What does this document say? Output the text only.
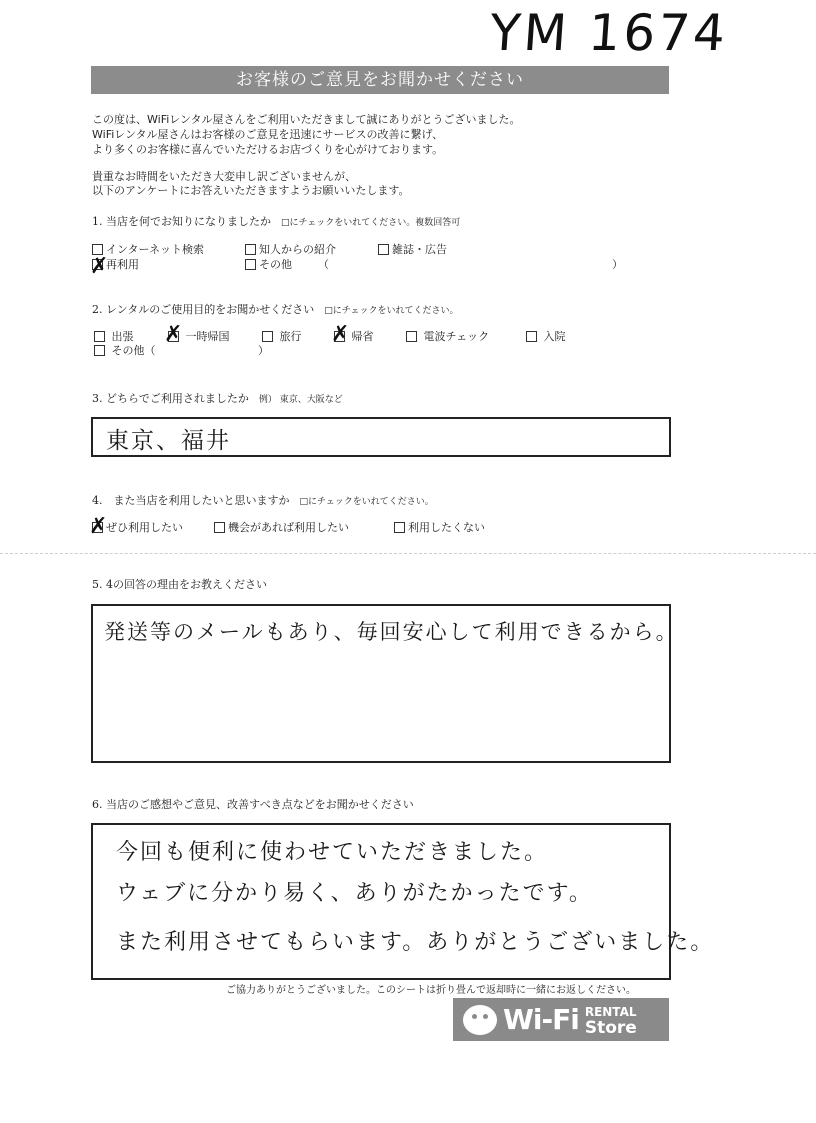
YM 1674
お客様のご意見をお聞かせください
この度は、WiFiレンタル屋さんをご利用いただきまして誠にありがとうございました。
WiFiレンタル屋さんはお客様のご意見を迅速にサービスの改善に繋げ、
より多くのお客様に喜んでいただけるお店づくりを心がけております。
貴重なお時間をいただき大変申し訳ございませんが、
以下のアンケートにお答えいただきますようお願いいたします。
1. 当店を何でお知りになりましたか □にチェックをいれてください。複数回答可
インターネット検索	知人からの紹介	雑誌・広告
再利用
✗	その他 （	）
2. レンタルのご使用目的をお聞かせください □にチェックをいれてください。
出張	一時帰国
✗	旅行	帰省
✗	電波チェック	入院
その他（	）
3. どちらでご利用されましたか 例） 東京、大阪など
東京、福井
4.　また当店を利用したいと思いますか □にチェックをいれてください。
ぜひ利用したい
✗	機会があれば利用したい	利用したくない
5. 4の回答の理由をお教えください
発送等のメールもあり、毎回安心して利用できるから。
6. 当店のご感想やご意見、改善すべき点などをお聞かせください
今回も便利に使わせていただきました。
ウェブに分かり易く、ありがたかったです。
また利用させてもらいます。ありがとうございました。
ご協力ありがとうございました。このシートは折り畳んで返却時に一緒にお返しください。
Wi-Fi RENTAL
Store
